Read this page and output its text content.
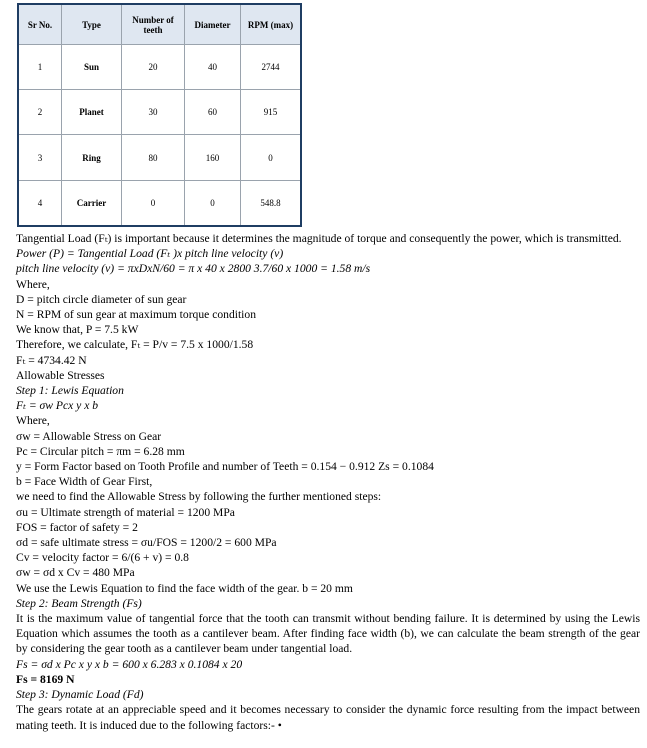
Sr No.	Type	Number of teeth	Diameter	RPM (max)
1	Sun	20	40	2744
2	Planet	30	60	915
3	Ring	80	160	0
4	Carrier	0	0	548.8
Tangential Load (Fₜ) is important because it determines the magnitude of torque and consequently the power, which is transmitted.
Power (P) = Tangential Load (Fₜ )x pitch line velocity (v)
pitch line velocity (v) = πxDxN/60 = π x 40 x 2800 3.7/60 x 1000 = 1.58 m/s
Where,
D = pitch circle diameter of sun gear
N = RPM of sun gear at maximum torque condition
We know that, P = 7.5 kW
Therefore, we calculate, Fₜ = P/v = 7.5 x 1000/1.58
Fₜ = 4734.42 N
Allowable Stresses
Step 1: Lewis Equation
Fₜ = σw Pcx y x b
Where,
σw = Allowable Stress on Gear
Pc = Circular pitch = πm = 6.28 mm
y = Form Factor based on Tooth Profile and number of Teeth = 0.154 − 0.912 Zs = 0.1084
b = Face Width of Gear First,
we need to find the Allowable Stress by following the further mentioned steps:
σu = Ultimate strength of material = 1200 MPa
FOS = factor of safety = 2
σd = safe ultimate stress = σu/FOS = 1200/2 = 600 MPa
Cv = velocity factor = 6/(6 + v) = 0.8
σw = σd x Cv = 480 MPa
We use the Lewis Equation to find the face width of the gear. b = 20 mm
Step 2: Beam Strength (Fs)
It is the maximum value of tangential force that the tooth can transmit without bending failure. It is determined by using the Lewis Equation which assumes the tooth as a cantilever beam. After finding face width (b), we can calculate the beam strength of the gear by considering the gear tooth as a cantilever beam under tangential load.
Fs = σd x Pc x y x b = 600 x 6.283 x 0.1084 x 20
Fs = 8169 N
Step 3: Dynamic Load (Fd)
The gears rotate at an appreciable speed and it becomes necessary to consider the dynamic force resulting from the impact between mating teeth. It is induced due to the following factors:- •
